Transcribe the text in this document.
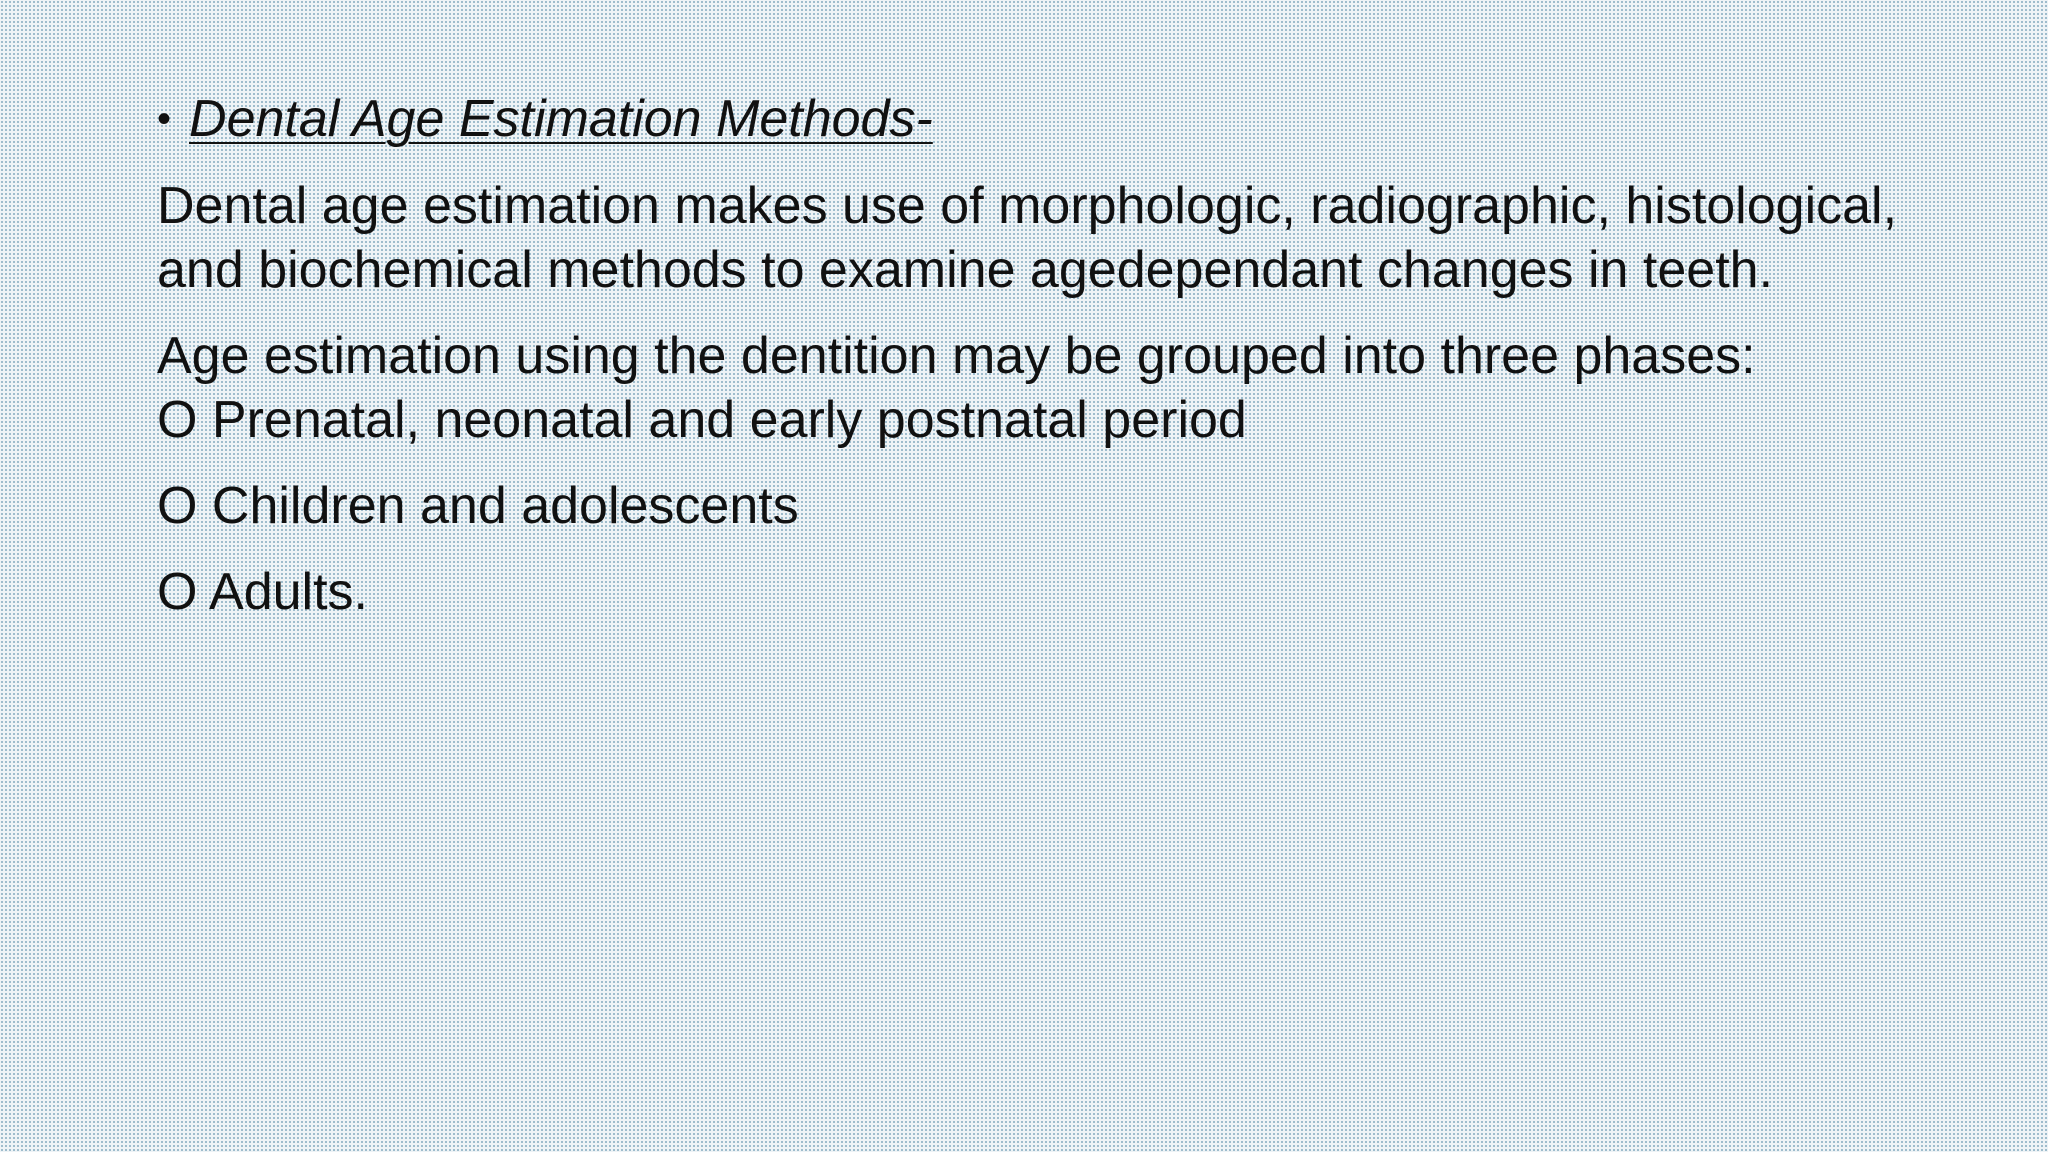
• Dental Age Estimation Methods-

Dental age estimation makes use of morphologic, radiographic, histological, and biochemical methods to examine agedependant changes in teeth.

Age estimation using the dentition may be grouped into three phases:

O Prenatal, neonatal and early postnatal period

O Children and adolescents

O Adults.
